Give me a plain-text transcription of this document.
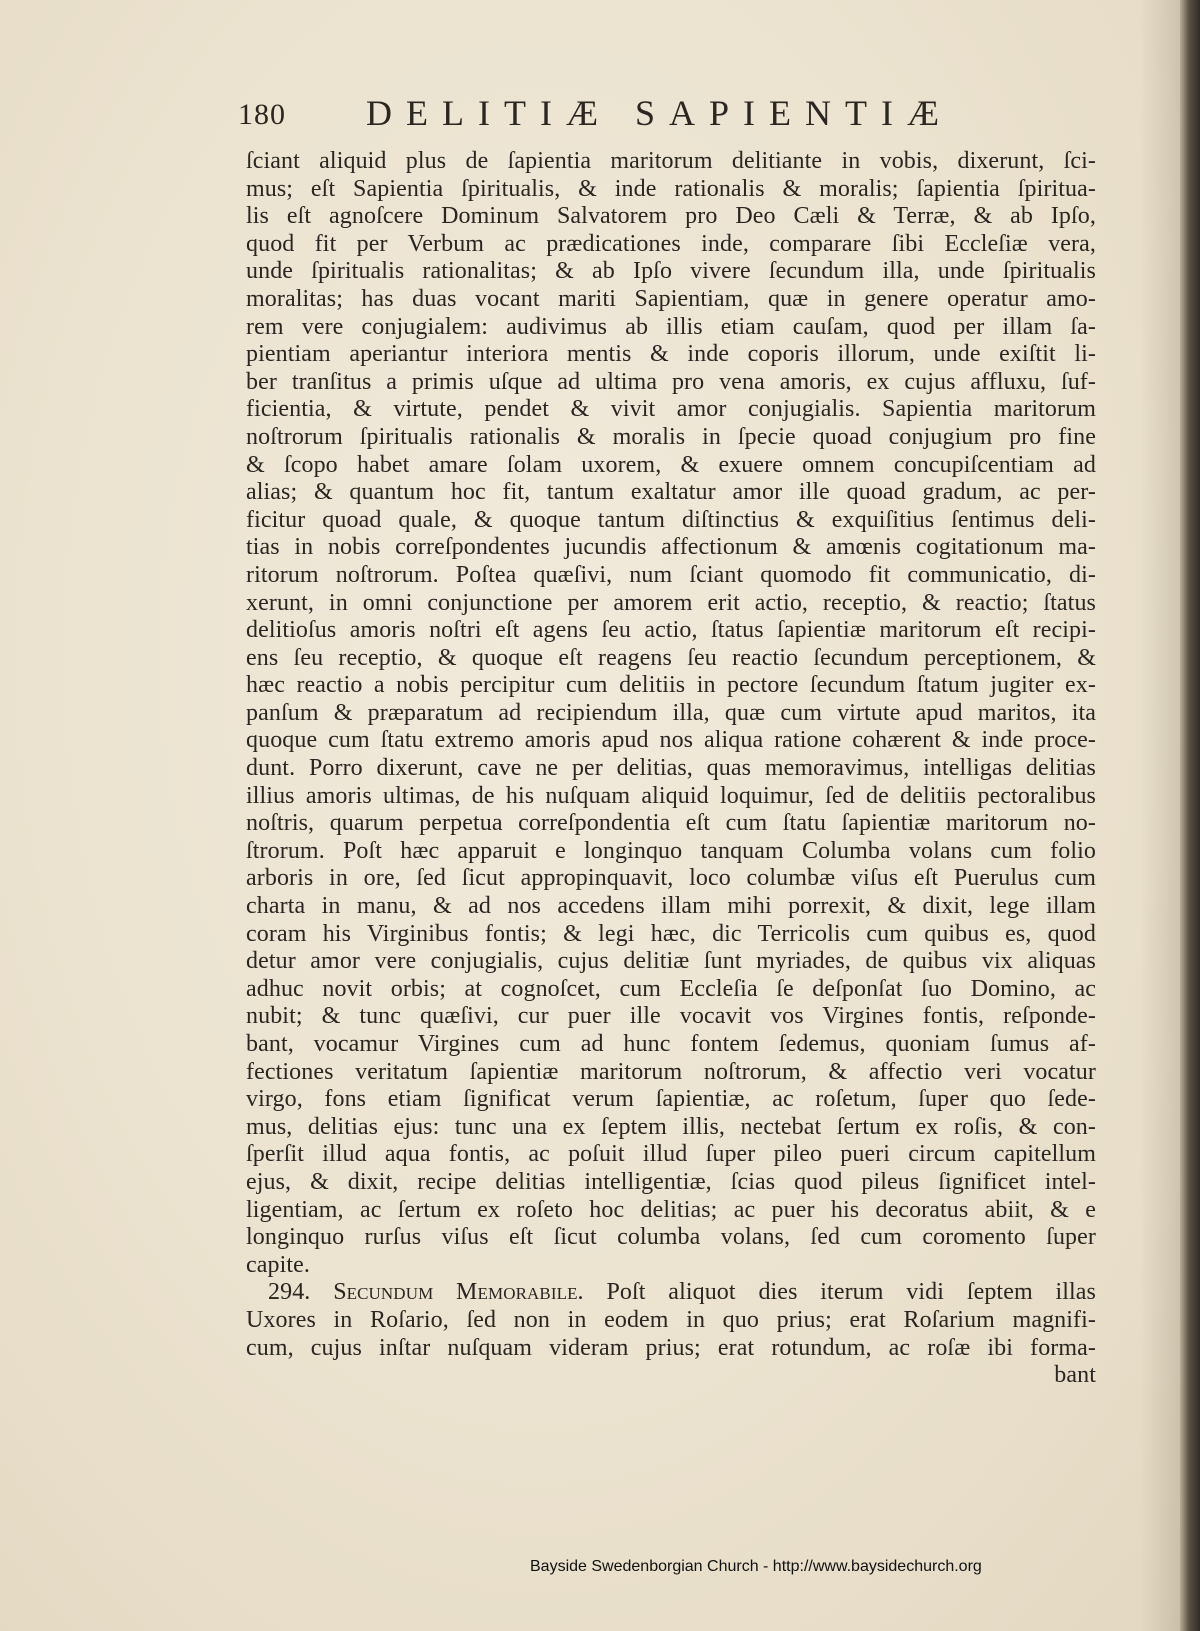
180 DELITIÆ SAPIENTIÆ
ſciant aliquid plus de ſapientia maritorum delitiante in vobis, dixerunt, ſci-
mus; eſt Sapientia ſpiritualis, & inde rationalis & moralis; ſapientia ſpiritua-
lis eſt agnoſcere Dominum Salvatorem pro Deo Cæli & Terræ, & ab Ipſo,
quod fit per Verbum ac prædicationes inde, comparare ſibi Eccleſiæ vera,
unde ſpiritualis rationalitas; & ab Ipſo vivere ſecundum illa, unde ſpiritualis
moralitas; has duas vocant mariti Sapientiam, quæ in genere operatur amo-
rem vere conjugialem: audivimus ab illis etiam cauſam, quod per illam ſa-
pientiam aperiantur interiora mentis & inde coporis illorum, unde exiſtit li-
ber tranſitus a primis uſque ad ultima pro vena amoris, ex cujus affluxu, ſuf-
ficientia, & virtute, pendet & vivit amor conjugialis. Sapientia maritorum
noſtrorum ſpiritualis rationalis & moralis in ſpecie quoad conjugium pro fine
& ſcopo habet amare ſolam uxorem, & exuere omnem concupiſcentiam ad
alias; & quantum hoc fit, tantum exaltatur amor ille quoad gradum, ac per-
ficitur quoad quale, & quoque tantum diſtinctius & exquiſitius ſentimus deli-
tias in nobis correſpondentes jucundis affectionum & amœnis cogitationum ma-
ritorum noſtrorum. Poſtea quæſivi, num ſciant quomodo fit communicatio, di-
xerunt, in omni conjunctione per amorem erit actio, receptio, & reactio; ſtatus
delitioſus amoris noſtri eſt agens ſeu actio, ſtatus ſapientiæ maritorum eſt recipi-
ens ſeu receptio, & quoque eſt reagens ſeu reactio ſecundum perceptionem, &
hæc reactio a nobis percipitur cum delitiis in pectore ſecundum ſtatum jugiter ex-
panſum & præparatum ad recipiendum illa, quæ cum virtute apud maritos, ita
quoque cum ſtatu extremo amoris apud nos aliqua ratione cohærent & inde proce-
dunt. Porro dixerunt, cave ne per delitias, quas memoravimus, intelligas delitias
illius amoris ultimas, de his nuſquam aliquid loquimur, ſed de delitiis pectoralibus
noſtris, quarum perpetua correſpondentia eſt cum ſtatu ſapientiæ maritorum no-
ſtrorum. Poſt hæc apparuit e longinquo tanquam Columba volans cum folio
arboris in ore, ſed ſicut appropinquavit, loco columbæ viſus eſt Puerulus cum
charta in manu, & ad nos accedens illam mihi porrexit, & dixit, lege illam
coram his Virginibus fontis; & legi hæc, dic Terricolis cum quibus es, quod
detur amor vere conjugialis, cujus delitiæ ſunt myriades, de quibus vix aliquas
adhuc novit orbis; at cognoſcet, cum Eccleſia ſe deſponſat ſuo Domino, ac
nubit; & tunc quæſivi, cur puer ille vocavit vos Virgines fontis, reſponde-
bant, vocamur Virgines cum ad hunc fontem ſedemus, quoniam ſumus af-
fectiones veritatum ſapientiæ maritorum noſtrorum, & affectio veri vocatur
virgo, fons etiam ſignificat verum ſapientiæ, ac roſetum, ſuper quo ſede-
mus, delitias ejus: tunc una ex ſeptem illis, nectebat ſertum ex roſis, & con-
ſperſit illud aqua fontis, ac poſuit illud ſuper pileo pueri circum capitellum
ejus, & dixit, recipe delitias intelligentiæ, ſcias quod pileus ſignificet intel-
ligentiam, ac ſertum ex roſeto hoc delitias; ac puer his decoratus abiit, & e
longinquo rurſus viſus eſt ſicut columba volans, ſed cum coromento ſuper
capite.
294. Secundum Memorabile. Poſt aliquot dies iterum vidi ſeptem illas
Uxores in Roſario, ſed non in eodem in quo prius; erat Roſarium magnifi-
cum, cujus inſtar nuſquam videram prius; erat rotundum, ac roſæ ibi forma-
bant
Bayside Swedenborgian Church - http://www.baysidechurch.org
